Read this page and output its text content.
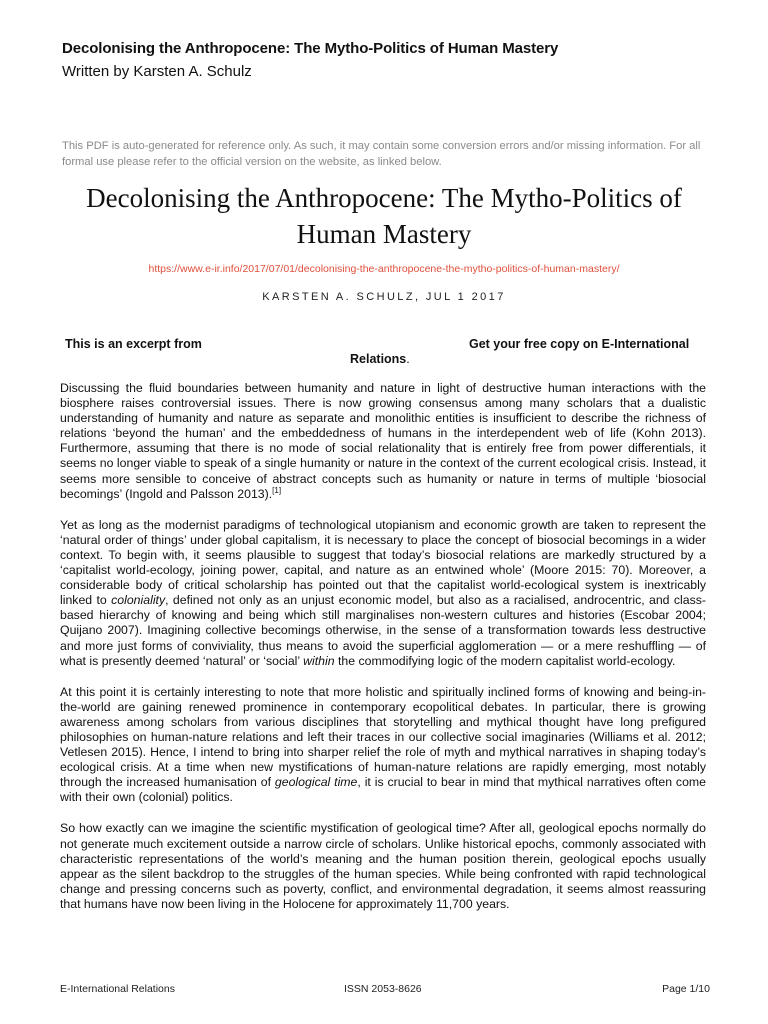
Decolonising the Anthropocene: The Mytho-Politics of Human Mastery
Written by Karsten A. Schulz
This PDF is auto-generated for reference only. As such, it may contain some conversion errors and/or missing information. For all formal use please refer to the official version on the website, as linked below.
Decolonising the Anthropocene: The Mytho-Politics of Human Mastery
https://www.e-ir.info/2017/07/01/decolonising-the-anthropocene-the-mytho-politics-of-human-mastery/
KARSTEN A. SCHULZ, JUL 1 2017
This is an excerpt from	Get your free copy on E-International
Relations.

Discussing the fluid boundaries between humanity and nature in light of destructive human interactions with the biosphere raises controversial issues. There is now growing consensus among many scholars that a dualistic understanding of humanity and nature as separate and monolithic entities is insufficient to describe the richness of relations ‘beyond the human’ and the embeddedness of humans in the interdependent web of life (Kohn 2013). Furthermore, assuming that there is no mode of social relationality that is entirely free from power differentials, it seems no longer viable to speak of a single humanity or nature in the context of the current ecological crisis. Instead, it seems more sensible to conceive of abstract concepts such as humanity or nature in terms of multiple ‘biosocial becomings’ (Ingold and Palsson 2013).[1]

Yet as long as the modernist paradigms of technological utopianism and economic growth are taken to represent the ‘natural order of things’ under global capitalism, it is necessary to place the concept of biosocial becomings in a wider context. To begin with, it seems plausible to suggest that today’s biosocial relations are markedly structured by a ‘capitalist world-ecology, joining power, capital, and nature as an entwined whole’ (Moore 2015: 70). Moreover, a considerable body of critical scholarship has pointed out that the capitalist world-ecological system is inextricably linked to coloniality, defined not only as an unjust economic model, but also as a racialised, androcentric, and class-based hierarchy of knowing and being which still marginalises non-western cultures and histories (Escobar 2004; Quijano 2007). Imagining collective becomings otherwise, in the sense of a transformation towards less destructive and more just forms of conviviality, thus means to avoid the superficial agglomeration — or a mere reshuffling — of what is presently deemed ‘natural’ or ‘social’ within the commodifying logic of the modern capitalist world-ecology.

At this point it is certainly interesting to note that more holistic and spiritually inclined forms of knowing and being-in-the-world are gaining renewed prominence in contemporary ecopolitical debates. In particular, there is growing awareness among scholars from various disciplines that storytelling and mythical thought have long prefigured philosophies on human-nature relations and left their traces in our collective social imaginaries (Williams et al. 2012; Vetlesen 2015). Hence, I intend to bring into sharper relief the role of myth and mythical narratives in shaping today’s ecological crisis. At a time when new mystifications of human-nature relations are rapidly emerging, most notably through the increased humanisation of geological time, it is crucial to bear in mind that mythical narratives often come with their own (colonial) politics.

So how exactly can we imagine the scientific mystification of geological time? After all, geological epochs normally do not generate much excitement outside a narrow circle of scholars. Unlike historical epochs, commonly associated with characteristic representations of the world’s meaning and the human position therein, geological epochs usually appear as the silent backdrop to the struggles of the human species. While being confronted with rapid technological change and pressing concerns such as poverty, conflict, and environmental degradation, it seems almost reassuring that humans have now been living in the Holocene for approximately 11,700 years.

E-International Relations	ISSN 2053-8626	Page 1/10
